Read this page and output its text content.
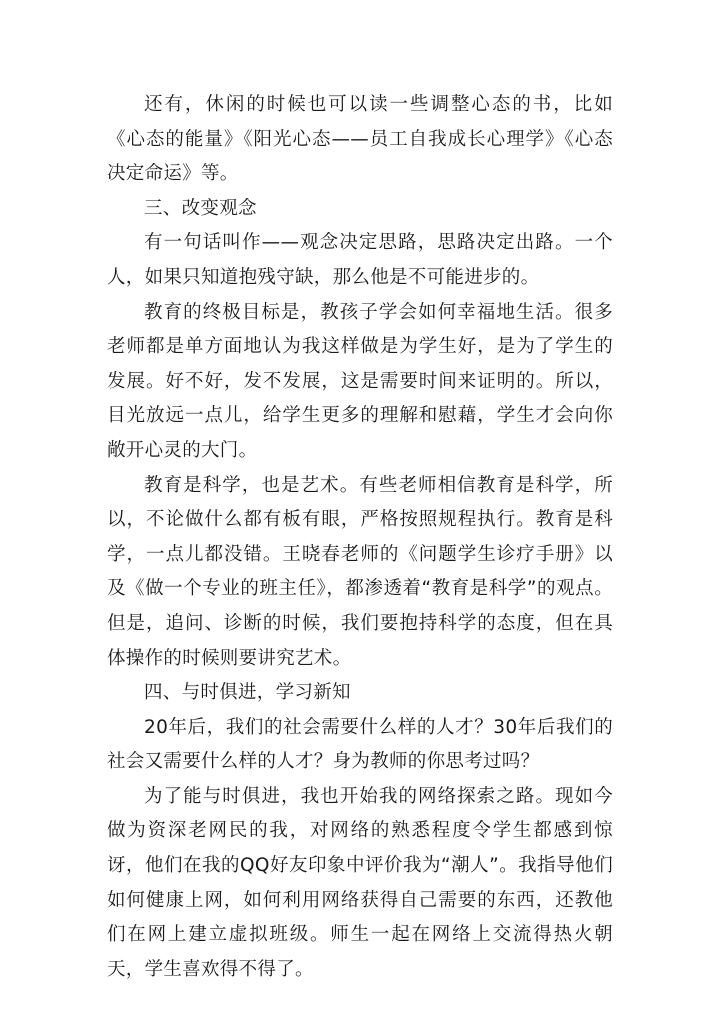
还有，休闲的时候也可以读一些调整心态的书，比如《心态的能量》《阳光心态——员工自我成长心理学》《心态决定命运》等。

三、改变观念

有一句话叫作——观念决定思路，思路决定出路。一个人，如果只知道抱残守缺，那么他是不可能进步的。

教育的终极目标是，教孩子学会如何幸福地生活。很多老师都是单方面地认为我这样做是为学生好，是为了学生的发展。好不好，发不发展，这是需要时间来证明的。所以，目光放远一点儿，给学生更多的理解和慰藉，学生才会向你敞开心灵的大门。

教育是科学，也是艺术。有些老师相信教育是科学，所以，不论做什么都有板有眼，严格按照规程执行。教育是科学，一点儿都没错。王晓春老师的《问题学生诊疗手册》以及《做一个专业的班主任》，都渗透着“教育是科学”的观点。但是，追问、诊断的时候，我们要抱持科学的态度，但在具体操作的时候则要讲究艺术。

四、与时俱进，学习新知

20年后，我们的社会需要什么样的人才？30年后我们的社会又需要什么样的人才？身为教师的你思考过吗？

为了能与时俱进，我也开始我的网络探索之路。现如今做为资深老网民的我，对网络的熟悉程度令学生都感到惊讶，他们在我的QQ好友印象中评价我为“潮人”。我指导他们如何健康上网，如何利用网络获得自己需要的东西，还教他们在网上建立虚拟班级。师生一起在网络上交流得热火朝天，学生喜欢得不得了。
